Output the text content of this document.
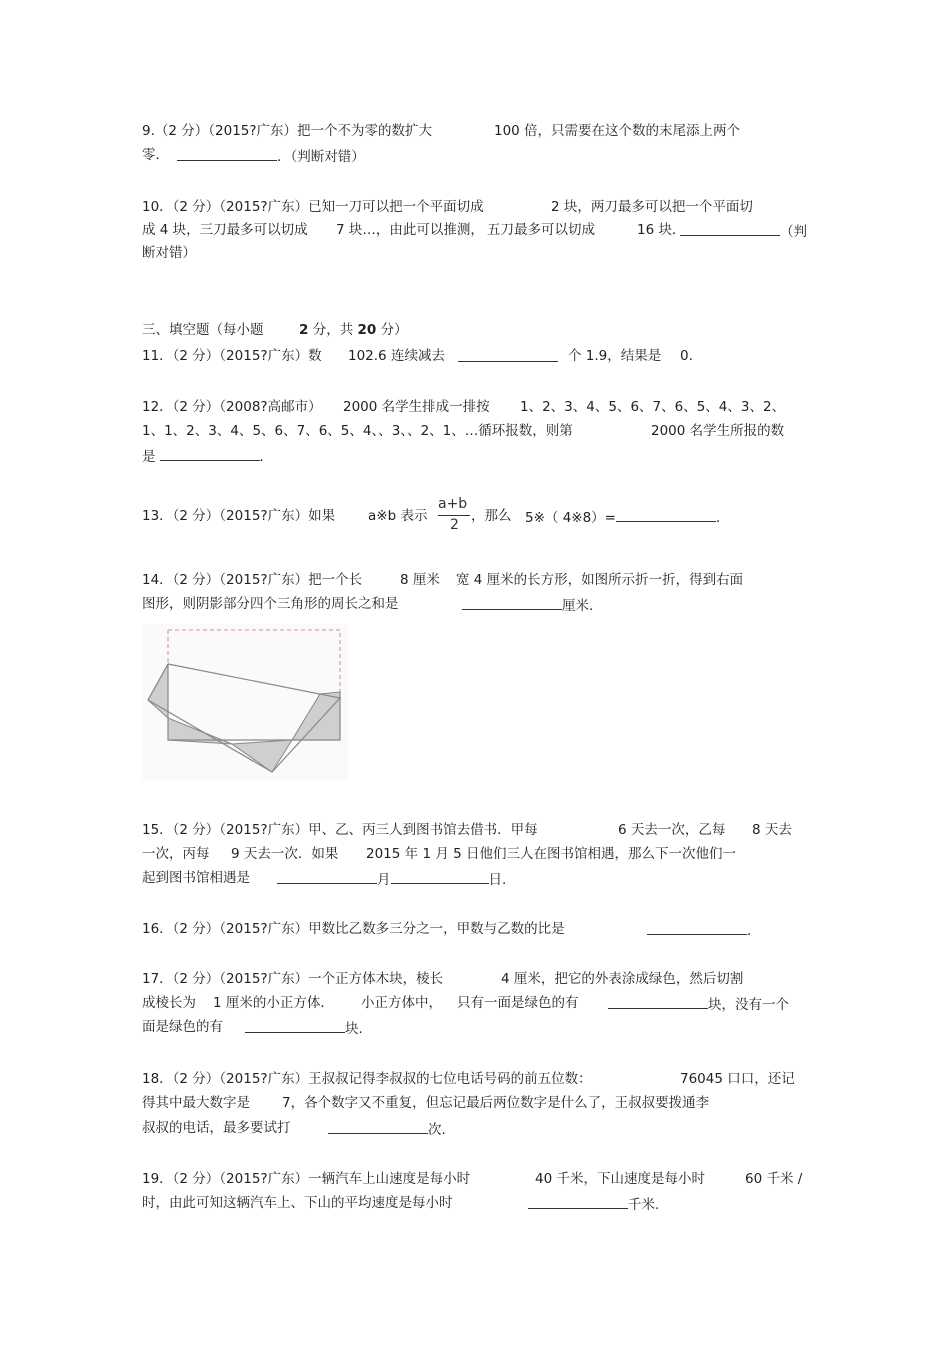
9.（2 分）（2015?广东）把一个不为零的数扩大	100 倍，只需要在这个数的末尾添上两个
零．	．（判断对错）
10．（2 分）（2015?广东）已知一刀可以把一个平面切成	2 块，两刀最多可以把一个平面切
成 4 块，三刀最多可以切成 7 块…，由此可以推测， 五刀最多可以切成	16 块．	（判
断对错）
三、填空题（每小题	2 分，共 20 分）
11．（2 分）（2015?广东）数 102.6 连续减去	个 1.9，结果是 0.
12．（2 分）（2008?高邮市） 2000 名学生排成一排按 1、2、3、4、5、6、7、6、5、4、3、2、
1、1、2、3、4、5、6、7、6、5、4、、3、、2、1、…循环报数，则第	2000 名学生所报的数
是	．
13．（2 分）（2015?广东）如果 a※b 表示
a+b
2
，那么 5※（ 4※8）=	．
14．（2 分）（2015?广东）把一个长	8 厘米 宽 4 厘米的长方形，如图所示折一折，得到右面
图形，则阴影部分四个三角形的周长之和是	厘米.
15．（2 分）（2015?广东）甲、乙、丙三人到图书馆去借书．甲每	6 天去一次，乙每 8 天去
一次，丙每 9 天去一次．如果 2015 年 1 月 5 日他们三人在图书馆相遇，那么下一次他们一
起到图书馆相遇是	月	日.
16．（2 分）（2015?广东）甲数比乙数多三分之一，甲数与乙数的比是	．
17．（2 分）（2015?广东）一个正方体木块，棱长	4 厘米，把它的外表涂成绿色，然后切割
成棱长为 1 厘米的小正方体． 小正方体中， 只有一面是绿色的有	块，没有一个
面是绿色的有	块.
18．（2 分）（2015?广东）王叔叔记得李叔叔的七位电话号码的前五位数：	76045 口口，还记
得其中最大数字是 7，各个数字又不重复，但忘记最后两位数字是什么了，王叔叔要拨通李
叔叔的电话，最多要试打	次.
19．（2 分）（2015?广东）一辆汽车上山速度是每小时	40 千米，下山速度是每小时	60 千米 /
时，由此可知这辆汽车上、下山的平均速度是每小时	千米.
